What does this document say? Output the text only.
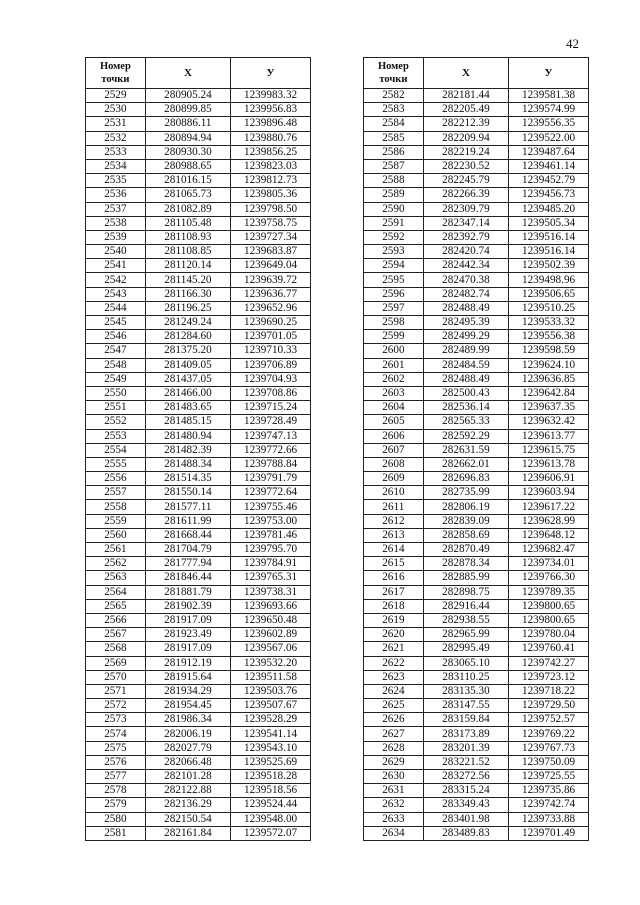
42
Номер точки	X	У
2529	280905.24	1239983.32
2530	280899.85	1239956.83
2531	280886.11	1239896.48
2532	280894.94	1239880.76
2533	280930.30	1239856.25
2534	280988.65	1239823.03
2535	281016.15	1239812.73
2536	281065.73	1239805.36
2537	281082.89	1239798.50
2538	281105.48	1239758.75
2539	281108.93	1239727.34
2540	281108.85	1239683.87
2541	281120.14	1239649.04
2542	281145.20	1239639.72
2543	281166.30	1239636.77
2544	281196.25	1239652.96
2545	281249.24	1239690.25
2546	281284.60	1239701.05
2547	281375.20	1239710.33
2548	281409.05	1239706.89
2549	281437.05	1239704.93
2550	281466.00	1239708.86
2551	281483.65	1239715.24
2552	281485.15	1239728.49
2553	281480.94	1239747.13
2554	281482.39	1239772.66
2555	281488.34	1239788.84
2556	281514.35	1239791.79
2557	281550.14	1239772.64
2558	281577.11	1239755.46
2559	281611.99	1239753.00
2560	281668.44	1239781.46
2561	281704.79	1239795.70
2562	281777.94	1239784.91
2563	281846.44	1239765.31
2564	281881.79	1239738.31
2565	281902.39	1239693.66
2566	281917.09	1239650.48
2567	281923.49	1239602.89
2568	281917.09	1239567.06
2569	281912.19	1239532.20
2570	281915.64	1239511.58
2571	281934.29	1239503.76
2572	281954.45	1239507.67
2573	281986.34	1239528.29
2574	282006.19	1239541.14
2575	282027.79	1239543.10
2576	282066.48	1239525.69
2577	282101.28	1239518.28
2578	282122.88	1239518.56
2579	282136.29	1239524.44
2580	282150.54	1239548.00
2581	282161.84	1239572.07
Номер точки	X	У
2582	282181.44	1239581.38
2583	282205.49	1239574.99
2584	282212.39	1239556.35
2585	282209.94	1239522.00
2586	282219.24	1239487.64
2587	282230.52	1239461.14
2588	282245.79	1239452.79
2589	282266.39	1239456.73
2590	282309.79	1239485.20
2591	282347.14	1239505.34
2592	282392.79	1239516.14
2593	282420.74	1239516.14
2594	282442.34	1239502.39
2595	282470.38	1239498.96
2596	282482.74	1239506.65
2597	282488.49	1239510.25
2598	282495.39	1239533.32
2599	282499.29	1239556.38
2600	282489.99	1239598.59
2601	282484.59	1239624.10
2602	282488.49	1239636.85
2603	282500.43	1239642.84
2604	282536.14	1239637.35
2605	282565.33	1239632.42
2606	282592.29	1239613.77
2607	282631.59	1239615.75
2608	282662.01	1239613.78
2609	282696.83	1239606.91
2610	282735.99	1239603.94
2611	282806.19	1239617.22
2612	282839.09	1239628.99
2613	282858.69	1239648.12
2614	282870.49	1239682.47
2615	282878.34	1239734.01
2616	282885.99	1239766.30
2617	282898.75	1239789.35
2618	282916.44	1239800.65
2619	282938.55	1239800.65
2620	282965.99	1239780.04
2621	282995.49	1239760.41
2622	283065.10	1239742.27
2623	283110.25	1239723.12
2624	283135.30	1239718.22
2625	283147.55	1239729.50
2626	283159.84	1239752.57
2627	283173.89	1239769.22
2628	283201.39	1239767.73
2629	283221.52	1239750.09
2630	283272.56	1239725.55
2631	283315.24	1239735.86
2632	283349.43	1239742.74
2633	283401.98	1239733.88
2634	283489.83	1239701.49
